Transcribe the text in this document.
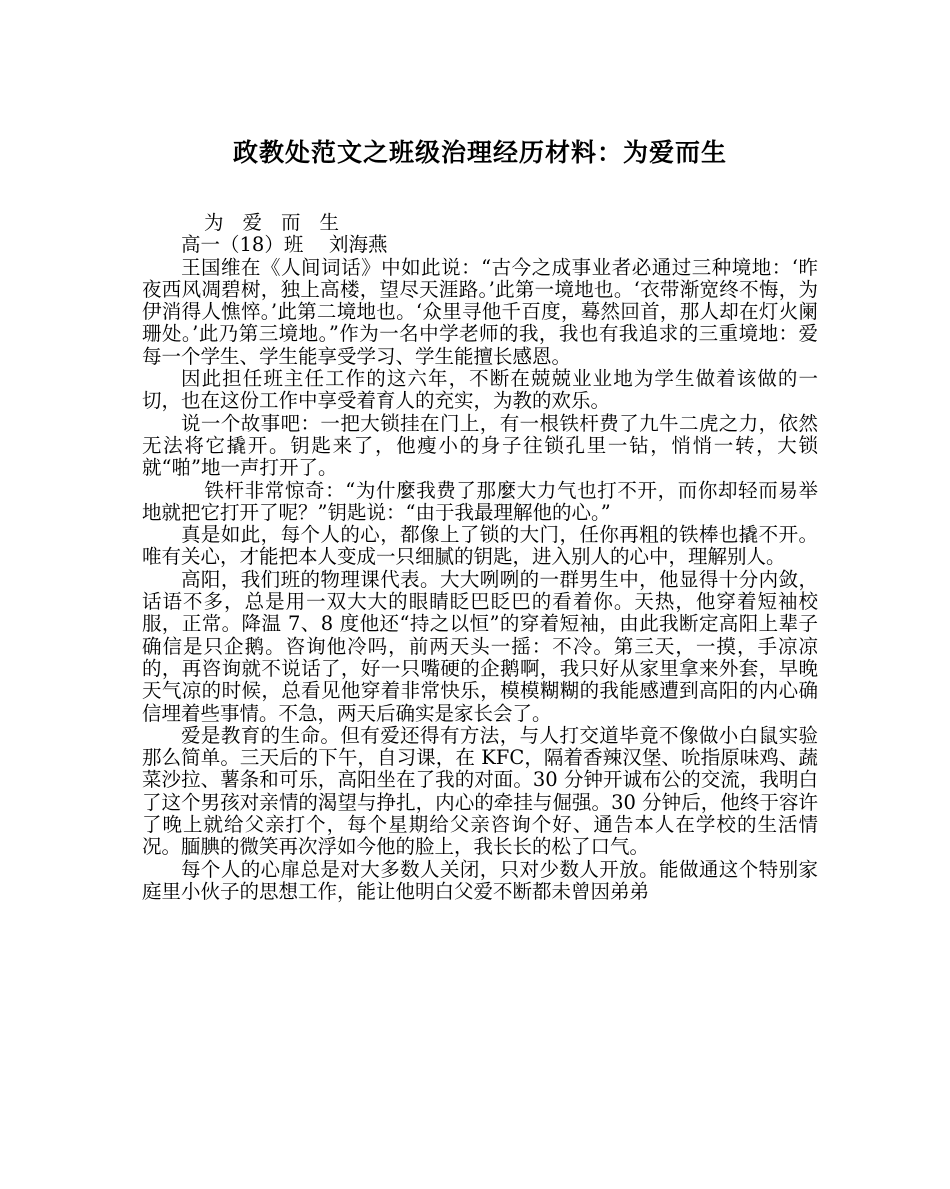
政教处范文之班级治理经历材料：为爱而生

为爱而生

高一（18）班　 刘海燕

王国维在《人间词话》中如此说：“古今之成事业者必通过三种境地：‘昨夜西风凋碧树，独上高楼，望尽天涯路。’此第一境地也。‘衣带渐宽终不悔，为伊消得人憔悴。’此第二境地也。‘众里寻他千百度，蓦然回首，那人却在灯火阑珊处。’此乃第三境地。”作为一名中学老师的我，我也有我追求的三重境地：爱每一个学生、学生能享受学习、学生能擅长感恩。

因此担任班主任工作的这六年，不断在兢兢业业地为学生做着该做的一切，也在这份工作中享受着育人的充实，为教的欢乐。

说一个故事吧：一把大锁挂在门上，有一根铁杆费了九牛二虎之力，依然无法将它撬开。钥匙来了，他瘦小的身子往锁孔里一钻，悄悄一转，大锁就“啪”地一声打开了。

铁杆非常惊奇：“为什麼我费了那麼大力气也打不开，而你却轻而易举地就把它打开了呢？”钥匙说：“由于我最理解他的心。”

真是如此，每个人的心，都像上了锁的大门，任你再粗的铁棒也撬不开。唯有关心，才能把本人变成一只细腻的钥匙，进入别人的心中，理解别人。

高阳，我们班的物理课代表。大大咧咧的一群男生中，他显得十分内敛，话语不多，总是用一双大大的眼睛眨巴眨巴的看着你。天热，他穿着短袖校服，正常。降温 7、8 度他还“持之以恒”的穿着短袖，由此我断定高阳上辈子确信是只企鹅。咨询他冷吗，前两天头一摇：不冷。第三天，一摸，手凉凉的，再咨询就不说话了，好一只嘴硬的企鹅啊，我只好从家里拿来外套，早晚天气凉的时候，总看见他穿着非常快乐，模模糊糊的我能感遭到高阳的内心确信埋着些事情。不急，两天后确实是家长会了。

爱是教育的生命。但有爱还得有方法，与人打交道毕竟不像做小白鼠实验那么简单。三天后的下午，自习课，在 KFC，隔着香辣汉堡、吮指原味鸡、蔬菜沙拉、薯条和可乐，高阳坐在了我的对面。30 分钟开诚布公的交流，我明白了这个男孩对亲情的渴望与挣扎，内心的牵挂与倔强。30 分钟后，他终于容许了晚上就给父亲打个，每个星期给父亲咨询个好、通告本人在学校的生活情况。腼腆的微笑再次浮如今他的脸上，我长长的松了口气。

每个人的心扉总是对大多数人关闭，只对少数人开放。能做通这个特别家庭里小伙子的思想工作，能让他明白父爱不断都未曾因弟弟
